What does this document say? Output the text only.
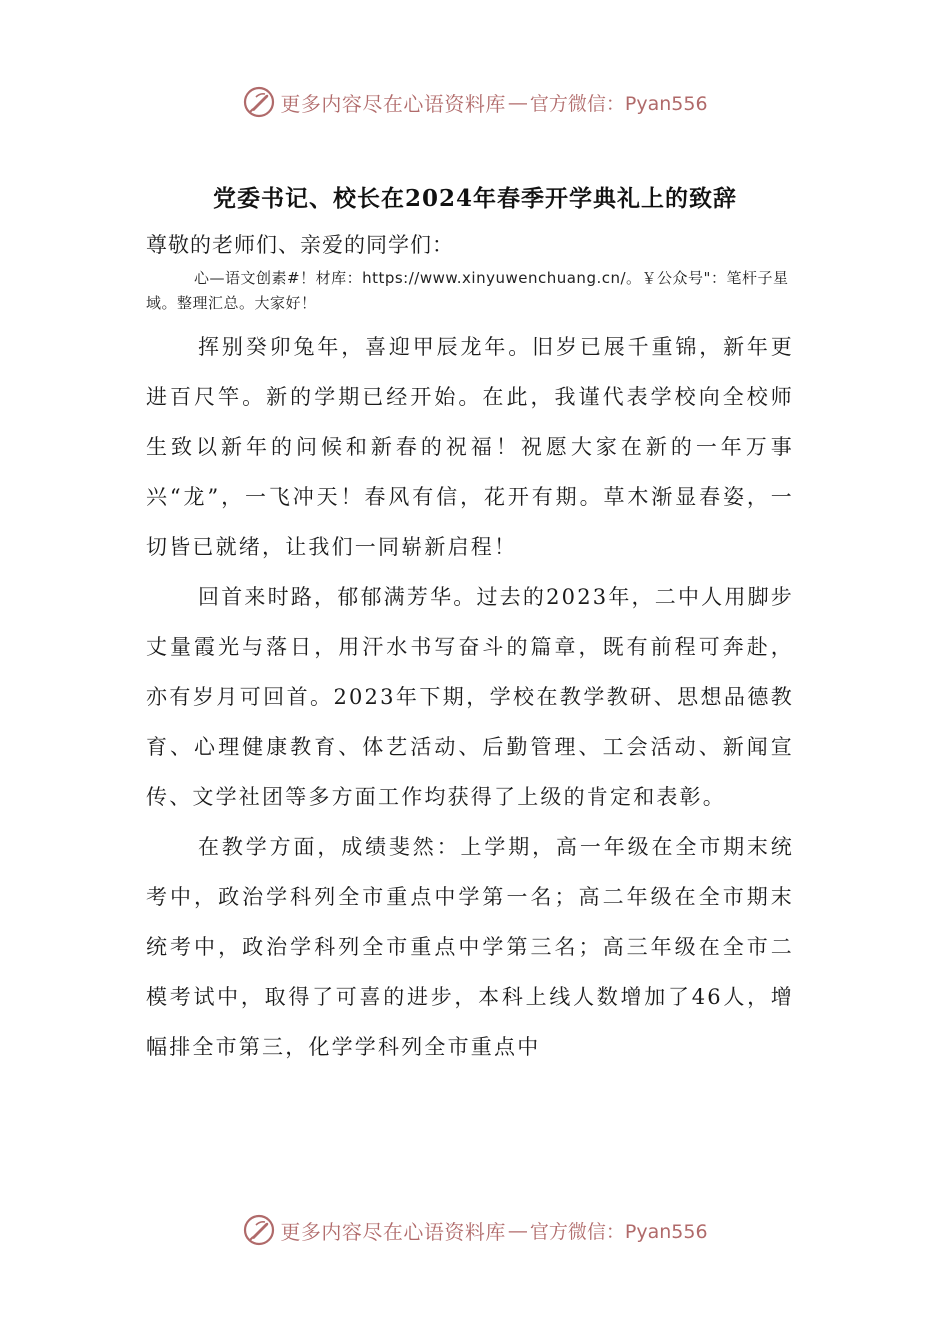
更多内容尽在心语资料库 — 官方微信：Pyan556
党委书记、校长在2024年春季开学典礼上的致辞

尊敬的老师们、亲爱的同学们：

心—语文创素#！材库：https://www.xinyuwenchuang.cn/。￥公众号"：笔杆子星域。整理汇总。大家好！

挥别癸卯兔年，喜迎甲辰龙年。旧岁已展千重锦，新年更进百尺竿。新的学期已经开始。在此，我谨代表学校向全校师生致以新年的问候和新春的祝福！祝愿大家在新的一年万事兴“龙”，一飞冲天！春风有信，花开有期。草木渐显春姿，一切皆已就绪，让我们一同崭新启程！

回首来时路，郁郁满芳华。过去的2023年，二中人用脚步丈量霞光与落日，用汗水书写奋斗的篇章，既有前程可奔赴，亦有岁月可回首。2023年下期，学校在教学教研、思想品德教育、心理健康教育、体艺活动、后勤管理、工会活动、新闻宣传、文学社团等多方面工作均获得了上级的肯定和表彰。

在教学方面，成绩斐然：上学期，高一年级在全市期末统考中，政治学科列全市重点中学第一名；高二年级在全市期末统考中，政治学科列全市重点中学第三名；高三年级在全市二模考试中，取得了可喜的进步，本科上线人数增加了46人，增幅排全市第三，化学学科列全市重点中

更多内容尽在心语资料库 — 官方微信：Pyan556
